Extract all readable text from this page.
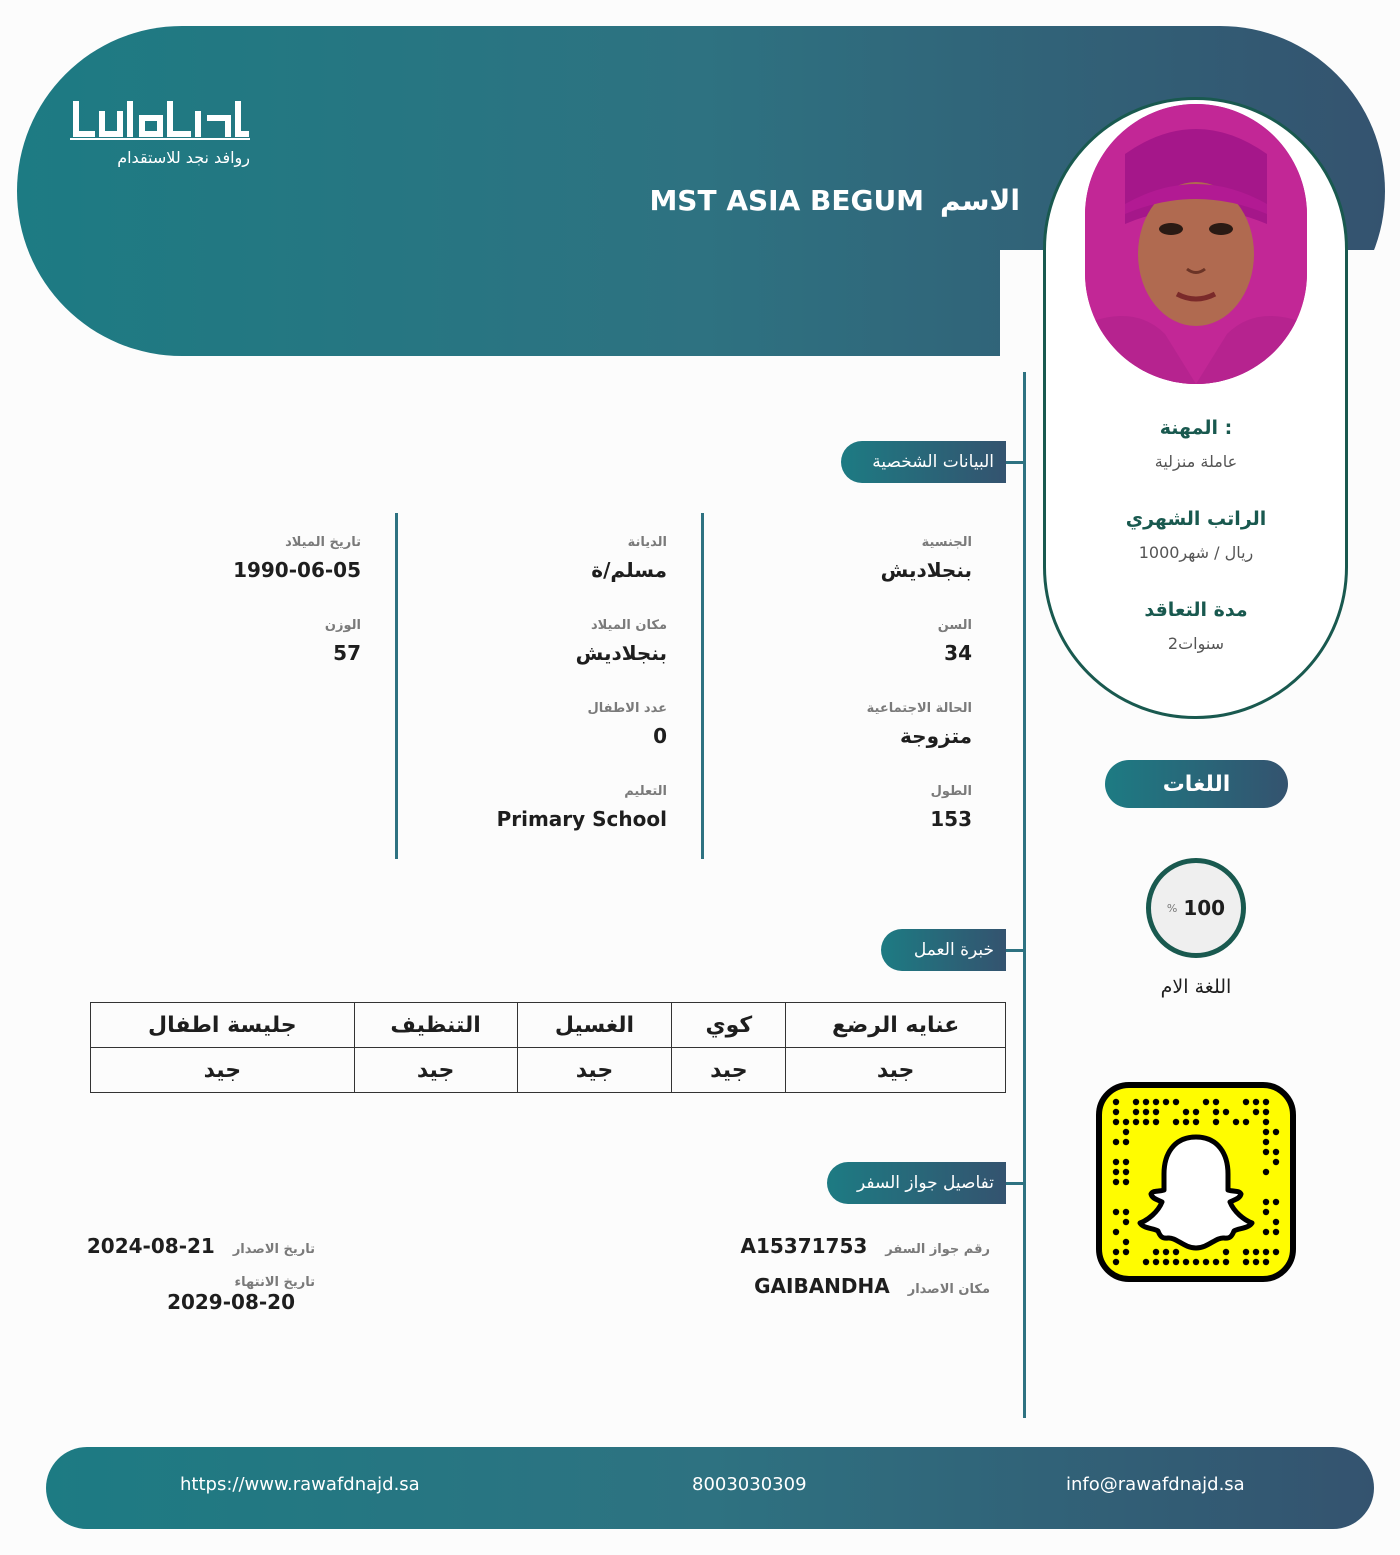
روافد نجد للاستقدام
MST ASIA BEGUM الاسم
المهنة :
عاملة منزلية
الراتب الشهري
1000ريال / شهر
مدة التعاقد
2سنوات
البيانات الشخصية
الجنسية
بنجلاديش
السن
34
الحالة الاجتماعية
متزوجة
الطول
153
الديانة
مسلم/ة
مكان الميلاد
بنجلاديش
عدد الاطفال
0
التعليم
Primary School
تاريخ الميلاد
1990-06-05
الوزن
57
خبرة العمل
عنايه الرضع	كوي	الغسيل	التنظيف	جليسة اطفال
جيد	جيد	جيد	جيد	جيد
تفاصيل جواز السفر
رقم جواز السفر
A15371753
مكان الاصدار
GAIBANDHA
تاريخ الاصدار
2024-08-21
تاريخ الانتهاء
2029-08-20
اللغات
% 100
اللغة الام
https://www.rawafdnajd.sa	8003030309	info@rawafdnajd.sa
